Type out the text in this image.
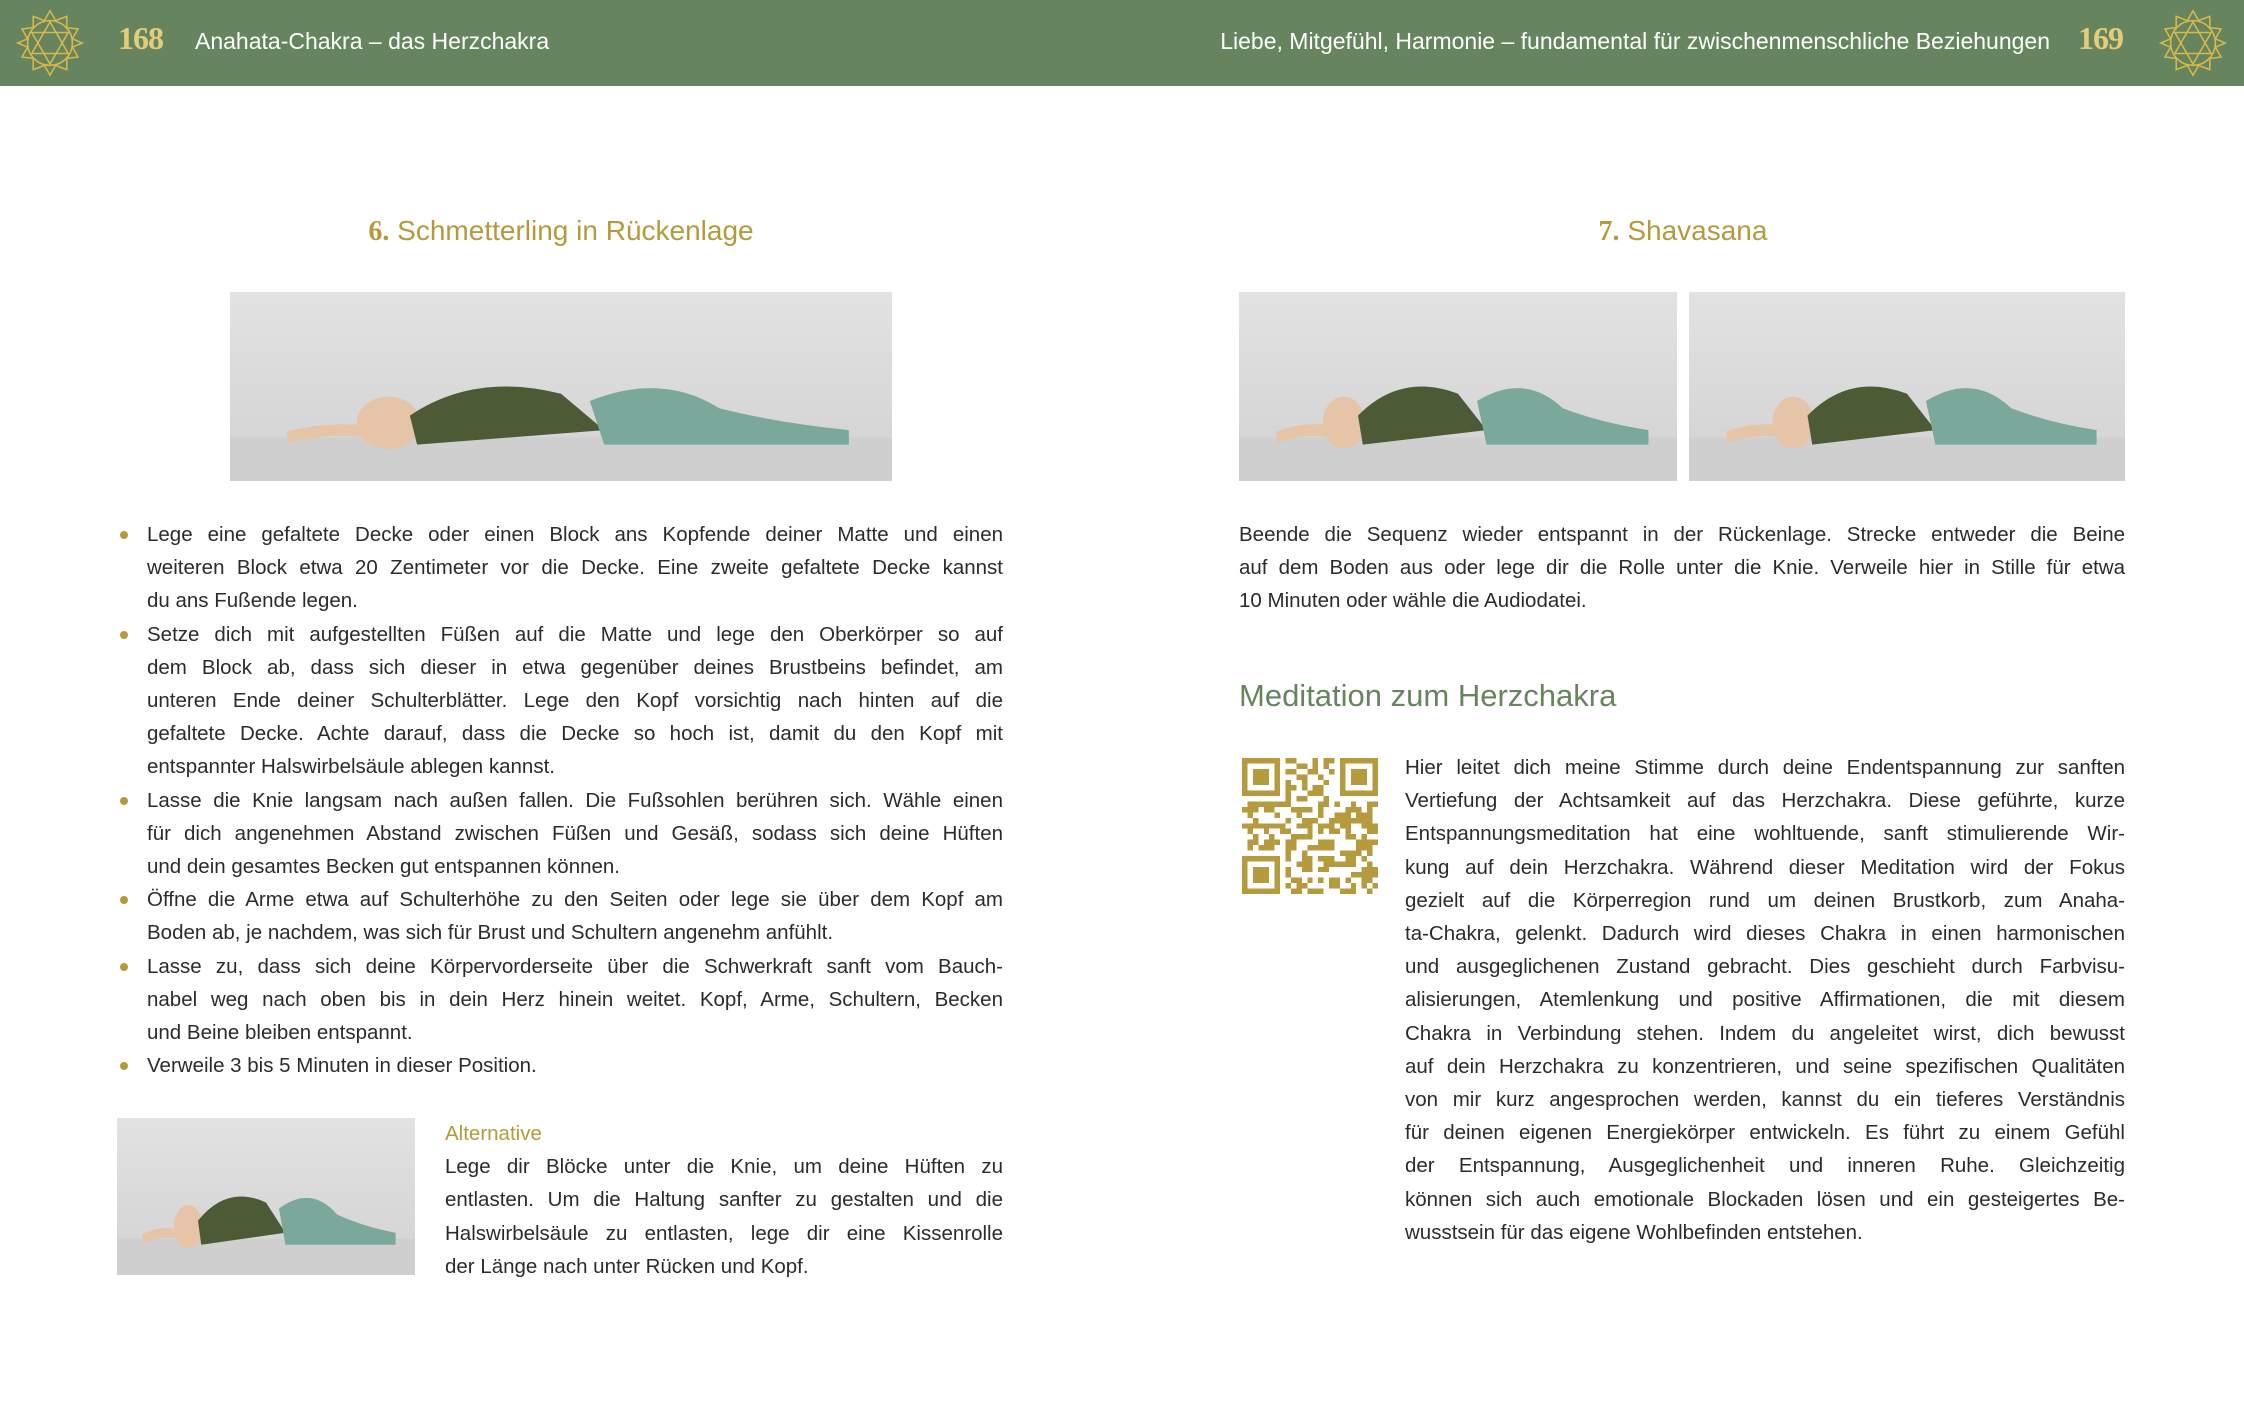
168 Anahata-Chakra – das Herzchakra	Liebe, Mitgefühl, Harmonie – fundamental für zwischenmenschliche Beziehungen 169
6. Schmetterling in Rückenlage
Lege eine gefaltete Decke oder einen Block ans Kopfende deiner Matte und einen
weiteren Block etwa 20 Zentimeter vor die Decke. Eine zweite gefaltete Decke kannst
du ans Fußende legen.
Setze dich mit aufgestellten Füßen auf die Matte und lege den Oberkörper so auf
dem Block ab, dass sich dieser in etwa gegenüber deines Brustbeins befindet, am
unteren Ende deiner Schulterblätter. Lege den Kopf vorsichtig nach hinten auf die
gefaltete Decke. Achte darauf, dass die Decke so hoch ist, damit du den Kopf mit
entspannter Halswirbelsäule ablegen kannst.
Lasse die Knie langsam nach außen fallen. Die Fußsohlen berühren sich. Wähle einen
für dich angenehmen Abstand zwischen Füßen und Gesäß, sodass sich deine Hüften
und dein gesamtes Becken gut entspannen können.
Öffne die Arme etwa auf Schulterhöhe zu den Seiten oder lege sie über dem Kopf am
Boden ab, je nachdem, was sich für Brust und Schultern angenehm anfühlt.
Lasse zu, dass sich deine Körpervorderseite über die Schwerkraft sanft vom Bauch-
nabel weg nach oben bis in dein Herz hinein weitet. Kopf, Arme, Schultern, Becken
und Beine bleiben entspannt.
Verweile 3 bis 5 Minuten in dieser Position.
Alternative
Lege dir Blöcke unter die Knie, um deine Hüften zu
entlasten. Um die Haltung sanfter zu gestalten und die
Halswirbelsäule zu entlasten, lege dir eine Kissenrolle
der Länge nach unter Rücken und Kopf.
7. Shavasana
Beende die Sequenz wieder entspannt in der Rückenlage. Strecke entweder die Beine
auf dem Boden aus oder lege dir die Rolle unter die Knie. Verweile hier in Stille für etwa
10 Minuten oder wähle die Audiodatei.
Meditation zum Herzchakra
Hier leitet dich meine Stimme durch deine Endentspannung zur sanften
Vertiefung der Achtsamkeit auf das Herzchakra. Diese geführte, kurze
Entspannungsmeditation hat eine wohltuende, sanft stimulierende Wir-
kung auf dein Herzchakra. Während dieser Meditation wird der Fokus
gezielt auf die Körperregion rund um deinen Brustkorb, zum Anaha-
ta-Chakra, gelenkt. Dadurch wird dieses Chakra in einen harmonischen
und ausgeglichenen Zustand gebracht. Dies geschieht durch Farbvisu-
alisierungen, Atemlenkung und positive Affirmationen, die mit diesem
Chakra in Verbindung stehen. Indem du angeleitet wirst, dich bewusst
auf dein Herzchakra zu konzentrieren, und seine spezifischen Qualitäten
von mir kurz angesprochen werden, kannst du ein tieferes Verständnis
für deinen eigenen Energiekörper entwickeln. Es führt zu einem Gefühl
der Entspannung, Ausgeglichenheit und inneren Ruhe. Gleichzeitig
können sich auch emotionale Blockaden lösen und ein gesteigertes Be-
wusstsein für das eigene Wohlbefinden entstehen.
